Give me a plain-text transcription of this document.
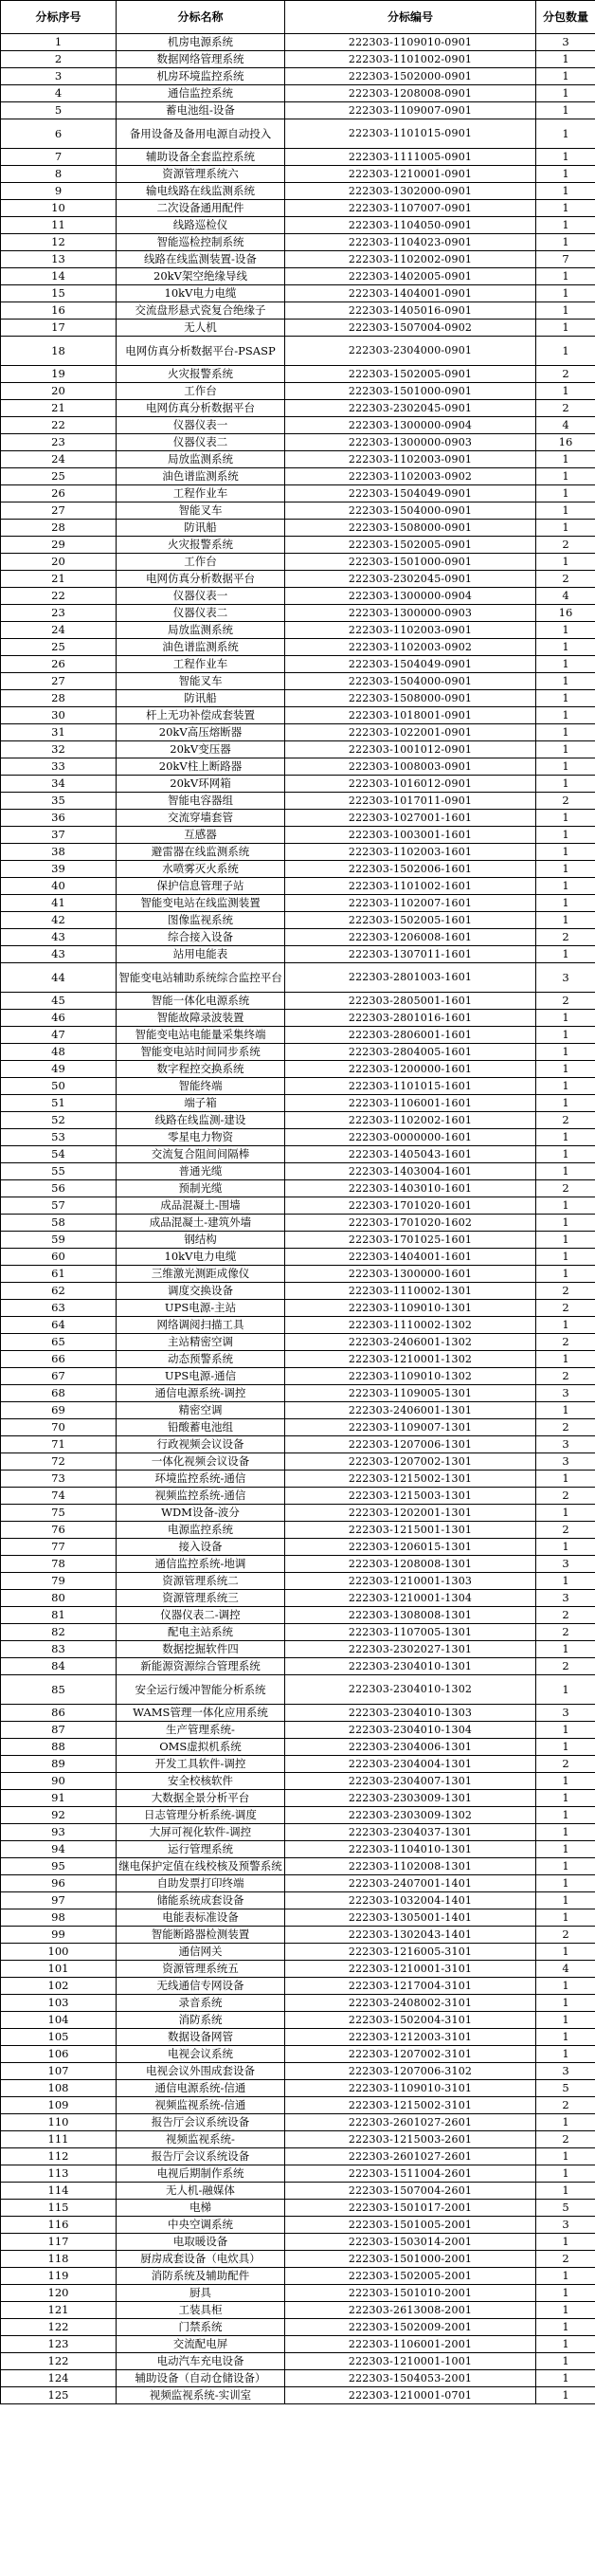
分标序号	分标名称	分标编号	分包数量
1	机房电源系统	222303-1109010-0901	3
2	数据网络管理系统	222303-1101002-0901	1
3	机房环境监控系统	222303-1502000-0901	1
4	通信监控系统	222303-1208008-0901	1
5	蓄电池组-设备	222303-1109007-0901	1
6	备用设备及备用电源自动投入	222303-1101015-0901	1
7	辅助设备全套监控系统	222303-1111005-0901	1
8	资源管理系统六	222303-1210001-0901	1
9	输电线路在线监测系统	222303-1302000-0901	1
10	二次设备通用配件	222303-1107007-0901	1
11	线路巡检仪	222303-1104050-0901	1
12	智能巡检控制系统	222303-1104023-0901	1
13	线路在线监测装置-设备	222303-1102002-0901	7
14	20kV架空绝缘导线	222303-1402005-0901	1
15	10kV电力电缆	222303-1404001-0901	1
16	交流盘形悬式瓷复合绝缘子	222303-1405016-0901	1
17	无人机	222303-1507004-0902	1
18	电网仿真分析数据平台-PSASP	222303-2304000-0901	1
19	火灾报警系统	222303-1502005-0901	2
20	工作台	222303-1501000-0901	1
21	电网仿真分析数据平台	222303-2302045-0901	2
22	仪器仪表一	222303-1300000-0904	4
23	仪器仪表二	222303-1300000-0903	16
24	局放监测系统	222303-1102003-0901	1
25	油色谱监测系统	222303-1102003-0902	1
26	工程作业车	222303-1504049-0901	1
27	智能叉车	222303-1504000-0901	1
28	防讯船	222303-1508000-0901	1
29	火灾报警系统	222303-1502005-0901	2
20	工作台	222303-1501000-0901	1
21	电网仿真分析数据平台	222303-2302045-0901	2
22	仪器仪表一	222303-1300000-0904	4
23	仪器仪表二	222303-1300000-0903	16
24	局放监测系统	222303-1102003-0901	1
25	油色谱监测系统	222303-1102003-0902	1
26	工程作业车	222303-1504049-0901	1
27	智能叉车	222303-1504000-0901	1
28	防讯船	222303-1508000-0901	1
30	杆上无功补偿成套装置	222303-1018001-0901	1
31	20kV高压熔断器	222303-1022001-0901	1
32	20kV变压器	222303-1001012-0901	1
33	20kV柱上断路器	222303-1008003-0901	1
34	20kV环网箱	222303-1016012-0901	1
35	智能电容器组	222303-1017011-0901	2
36	交流穿墙套管	222303-1027001-1601	1
37	互感器	222303-1003001-1601	1
38	避雷器在线监测系统	222303-1102003-1601	1
39	水喷雾灭火系统	222303-1502006-1601	1
40	保护信息管理子站	222303-1101002-1601	1
41	智能变电站在线监测装置	222303-1102007-1601	1
42	图像监视系统	222303-1502005-1601	1
43	综合接入设备	222303-1206008-1601	2
43	站用电能表	222303-1307011-1601	1
44	智能变电站辅助系统综合监控平台	222303-2801003-1601	3
45	智能一体化电源系统	222303-2805001-1601	2
46	智能故障录波装置	222303-2801016-1601	1
47	智能变电站电能量采集终端	222303-2806001-1601	1
48	智能变电站时间同步系统	222303-2804005-1601	1
49	数字程控交换系统	222303-1200000-1601	1
50	智能终端	222303-1101015-1601	1
51	端子箱	222303-1106001-1601	1
52	线路在线监测-建设	222303-1102002-1601	2
53	零星电力物资	222303-0000000-1601	1
54	交流复合阻间间隔棒	222303-1405043-1601	1
55	普通光缆	222303-1403004-1601	1
56	预制光缆	222303-1403010-1601	2
57	成品混凝土-围墙	222303-1701020-1601	1
58	成品混凝土-建筑外墙	222303-1701020-1602	1
59	钢结构	222303-1701025-1601	1
60	10kV电力电缆	222303-1404001-1601	1
61	三维激光测距成像仪	222303-1300000-1601	1
62	调度交换设备	222303-1110002-1301	2
63	UPS电源-主站	222303-1109010-1301	2
64	网络调阅扫描工具	222303-1110002-1302	1
65	主站精密空调	222303-2406001-1302	2
66	动态预警系统	222303-1210001-1302	1
67	UPS电源-通信	222303-1109010-1302	2
68	通信电源系统-调控	222303-1109005-1301	3
69	精密空调	222303-2406001-1301	1
70	铅酸蓄电池组	222303-1109007-1301	2
71	行政视频会议设备	222303-1207006-1301	3
72	一体化视频会议设备	222303-1207002-1301	3
73	环境监控系统-通信	222303-1215002-1301	1
74	视频监控系统-通信	222303-1215003-1301	2
75	WDM设备-波分	222303-1202001-1301	1
76	电源监控系统	222303-1215001-1301	2
77	接入设备	222303-1206015-1301	1
78	通信监控系统-地调	222303-1208008-1301	3
79	资源管理系统二	222303-1210001-1303	1
80	资源管理系统三	222303-1210001-1304	3
81	仪器仪表二-调控	222303-1308008-1301	2
82	配电主站系统	222303-1107005-1301	2
83	数据挖掘软件四	222303-2302027-1301	1
84	新能源资源综合管理系统	222303-2304010-1301	2
85	安全运行缓冲智能分析系统	222303-2304010-1302	1
86	WAMS管理一体化应用系统	222303-2304010-1303	3
87	生产管理系统-	222303-2304010-1304	1
88	OMS虚拟机系统	222303-2304006-1301	1
89	开发工具软件-调控	222303-2304004-1301	2
90	安全校核软件	222303-2304007-1301	1
91	大数据全景分析平台	222303-2303009-1301	1
92	日志管理分析系统-调度	222303-2303009-1302	1
93	大屏可视化软件-调控	222303-2304037-1301	1
94	运行管理系统	222303-1104010-1301	1
95	继电保护定值在线校核及预警系统	222303-1102008-1301	1
96	自助发票打印终端	222303-2407001-1401	1
97	储能系统成套设备	222303-1032004-1401	1
98	电能表标准设备	222303-1305001-1401	1
99	智能断路器检测装置	222303-1302043-1401	2
100	通信网关	222303-1216005-3101	1
101	资源管理系统五	222303-1210001-3101	4
102	无线通信专网设备	222303-1217004-3101	1
103	录音系统	222303-2408002-3101	1
104	消防系统	222303-1502004-3101	1
105	数据设备网管	222303-1212003-3101	1
106	电视会议系统	222303-1207002-3101	1
107	电视会议外围成套设备	222303-1207006-3102	3
108	通信电源系统-信通	222303-1109010-3101	5
109	视频监视系统-信通	222303-1215002-3101	2
110	报告厅会议系统设备	222303-2601027-2601	1
111	视频监视系统-	222303-1215003-2601	2
112	报告厅会议系统设备	222303-2601027-2601	1
113	电视后期制作系统	222303-1511004-2601	1
114	无人机-融媒体	222303-1507004-2601	1
115	电梯	222303-1501017-2001	5
116	中央空调系统	222303-1501005-2001	3
117	电取暖设备	222303-1503014-2001	1
118	厨房成套设备（电炊具）	222303-1501000-2001	2
119	消防系统及辅助配件	222303-1502005-2001	1
120	厨具	222303-1501010-2001	1
121	工装具柜	222303-2613008-2001	1
122	门禁系统	222303-1502009-2001	1
123	交流配电屏	222303-1106001-2001	1
122	电动汽车充电设备	222303-1210001-1001	1
124	辅助设备（自动仓储设备）	222303-1504053-2001	1
125	视频监视系统-实训室	222303-1210001-0701	1
